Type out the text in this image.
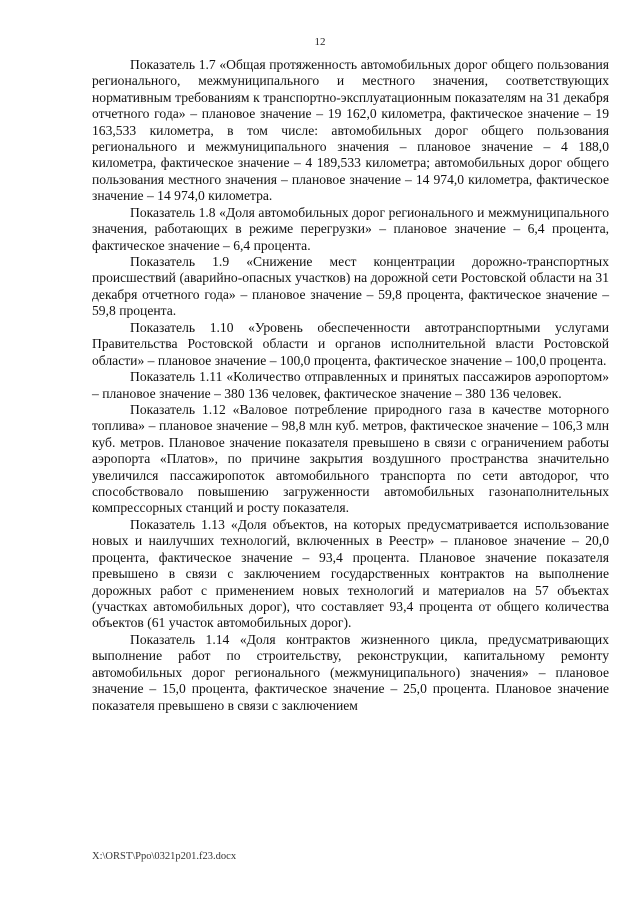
12

Показатель 1.7 «Общая протяженность автомобильных дорог общего пользования регионального, межмуниципального и местного значения, соответствующих нормативным требованиям к транспортно-эксплуатационным показателям на 31 декабря отчетного года» – плановое значение – 19 162,0 километра, фактическое значение – 19 163,533 километра, в том числе: автомобильных дорог общего пользования регионального и межмуниципального значения – плановое значение – 4 188,0 километра, фактическое значение – 4 189,533 километра; автомобильных дорог общего пользования местного значения – плановое значение – 14 974,0 километра, фактическое значение – 14 974,0 километра.

Показатель 1.8 «Доля автомобильных дорог регионального и межмуниципального значения, работающих в режиме перегрузки» – плановое значение – 6,4 процента, фактическое значение – 6,4 процента.

Показатель 1.9 «Снижение мест концентрации дорожно-транспортных происшествий (аварийно-опасных участков) на дорожной сети Ростовской области на 31 декабря отчетного года» – плановое значение – 59,8 процента, фактическое значение – 59,8 процента.

Показатель 1.10 «Уровень обеспеченности автотранспортными услугами Правительства Ростовской области и органов исполнительной власти Ростовской области» – плановое значение – 100,0 процента, фактическое значение – 100,0 процента.

Показатель 1.11 «Количество отправленных и принятых пассажиров аэропортом» – плановое значение – 380 136 человек, фактическое значение – 380 136 человек.

Показатель 1.12 «Валовое потребление природного газа в качестве моторного топлива» – плановое значение – 98,8 млн куб. метров, фактическое значение – 106,3 млн куб. метров. Плановое значение показателя превышено в связи с ограничением работы аэропорта «Платов», по причине закрытия воздушного пространства значительно увеличился пассажиропоток автомобильного транспорта по сети автодорог, что способствовало повышению загруженности автомобильных газонаполнительных компрессорных станций и росту показателя.

Показатель 1.13 «Доля объектов, на которых предусматривается использование новых и наилучших технологий, включенных в Реестр» – плановое значение – 20,0 процента, фактическое значение – 93,4 процента. Плановое значение показателя превышено в связи с заключением государственных контрактов на выполнение дорожных работ с применением новых технологий и материалов на 57 объектах (участках автомобильных дорог), что составляет 93,4 процента от общего количества объектов (61 участок автомобильных дорог).

Показатель 1.14 «Доля контрактов жизненного цикла, предусматривающих выполнение работ по строительству, реконструкции, капитальному ремонту автомобильных дорог регионального (межмуниципального) значения» – плановое значение – 15,0 процента, фактическое значение – 25,0 процента. Плановое значение показателя превышено в связи с заключением

X:\ORST\Ppo\0321p201.f23.docx
